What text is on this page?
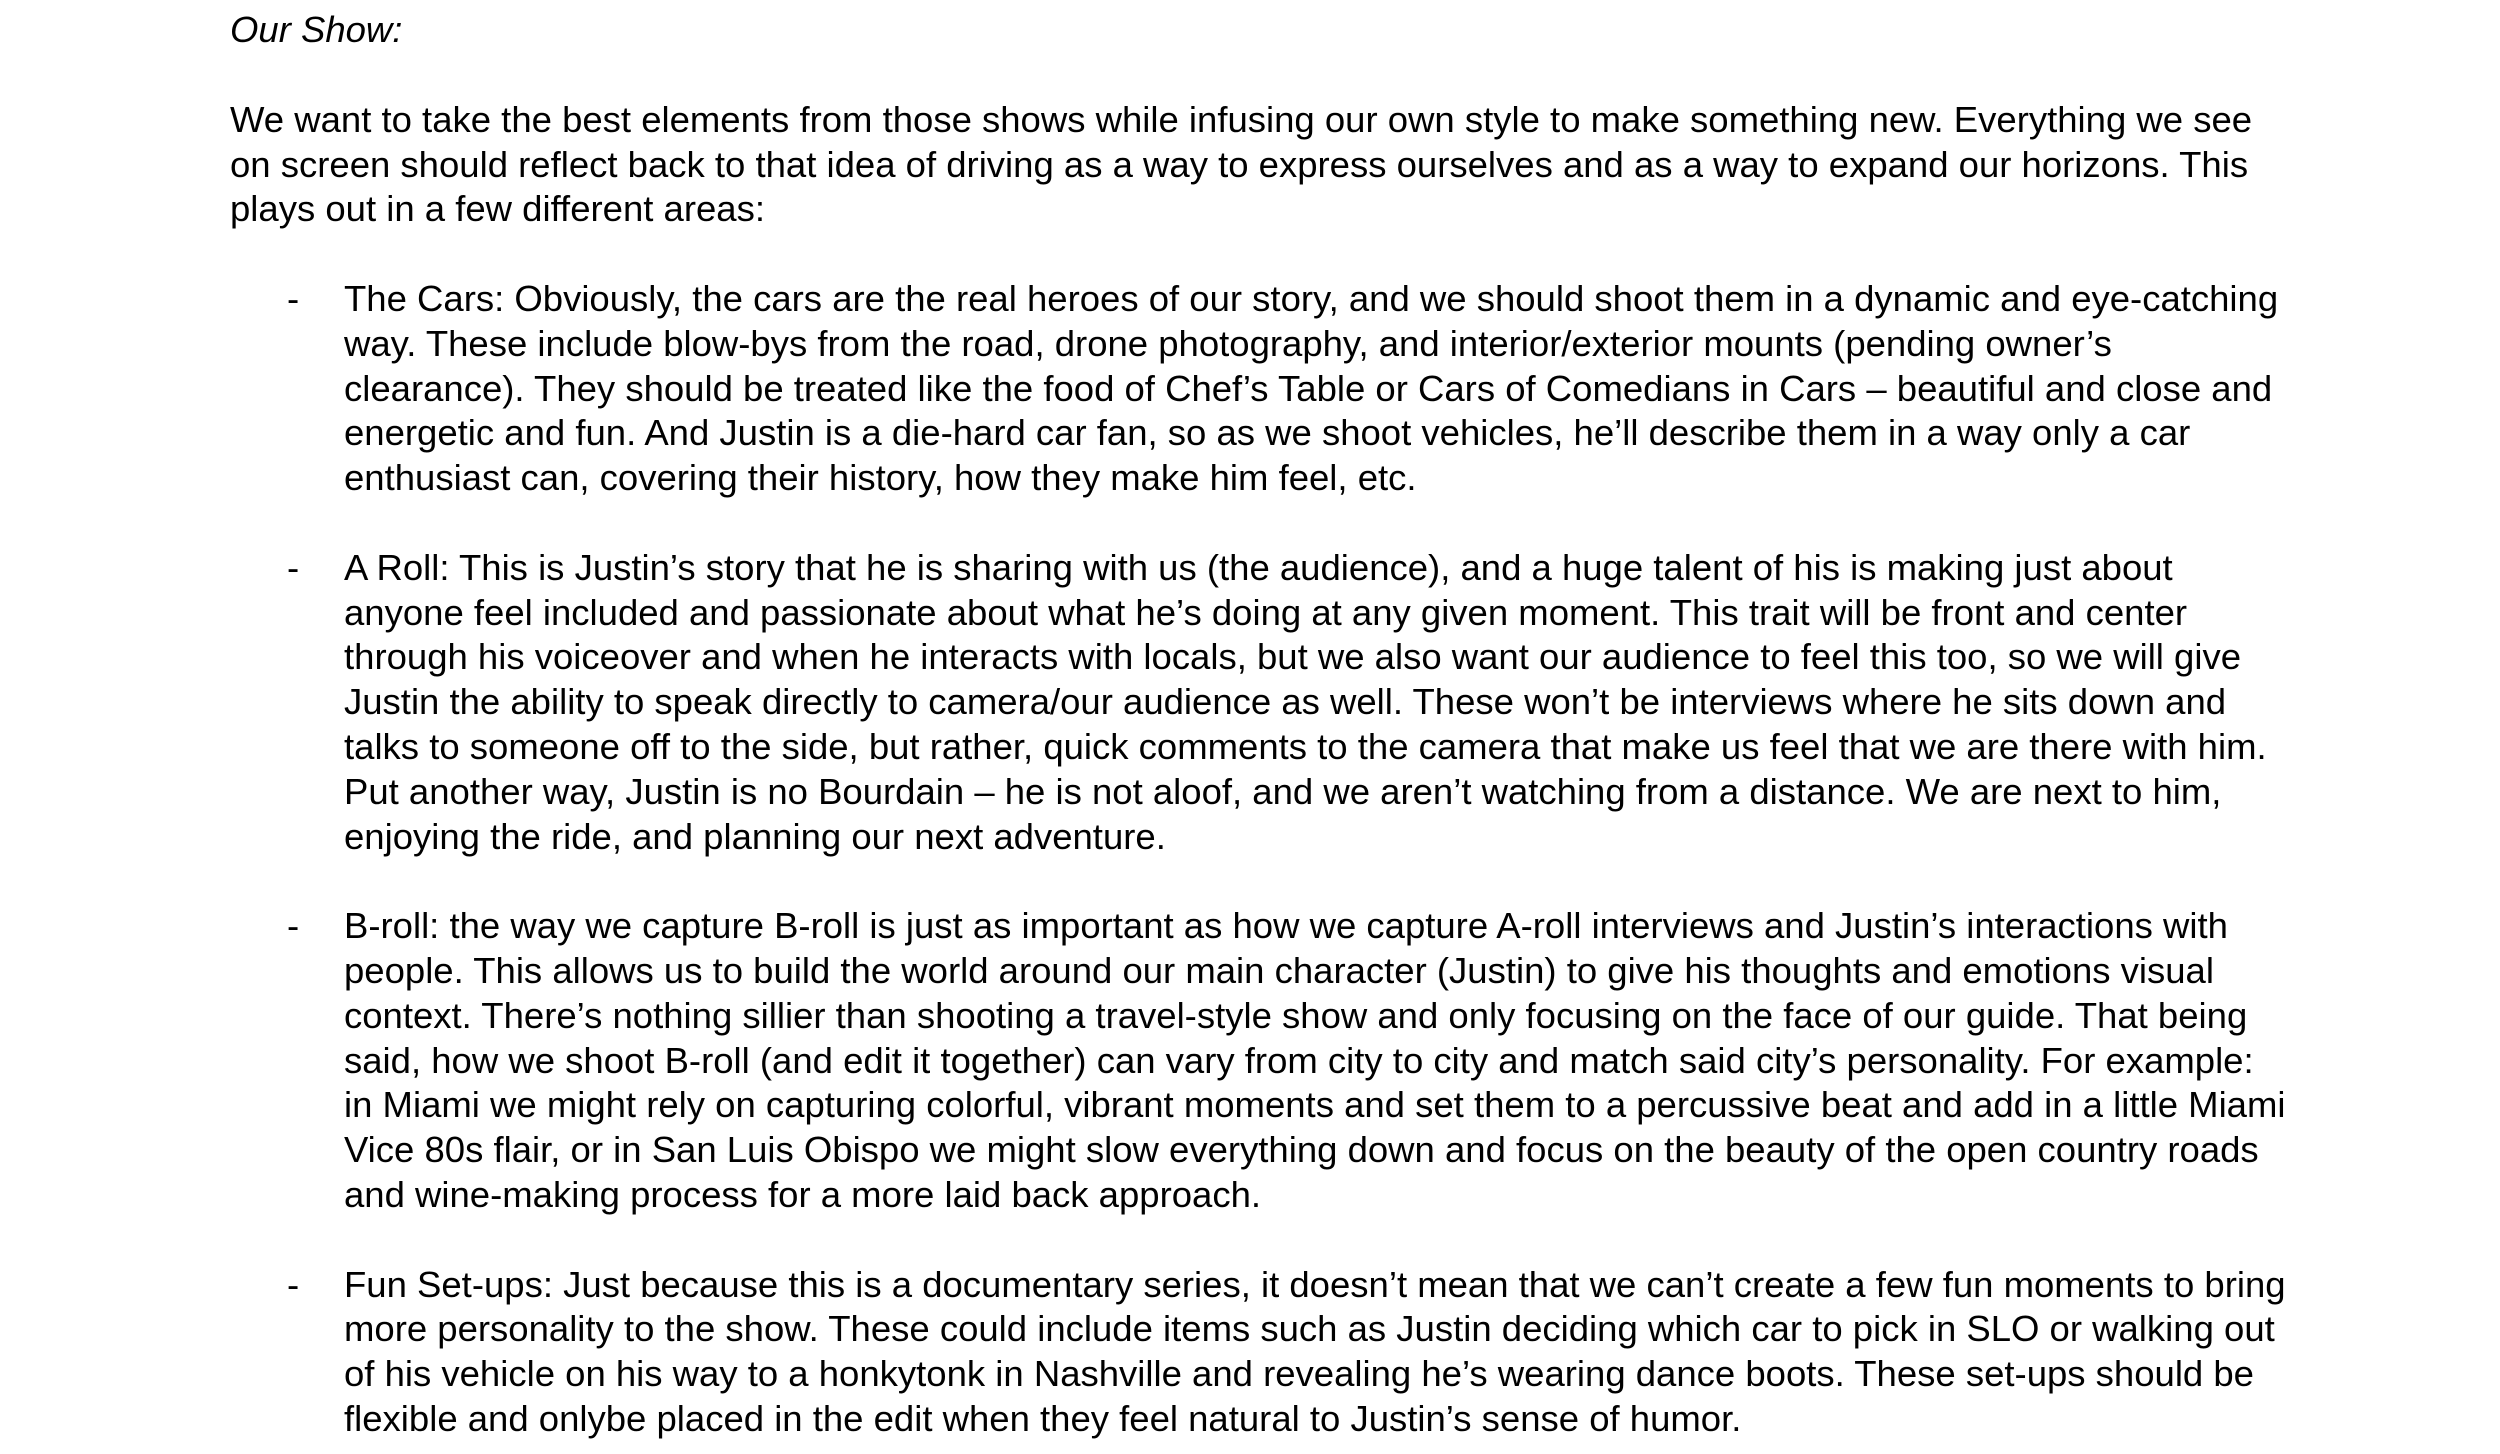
Our Show:

We want to take the best elements from those shows while infusing our own style to make something new. Everything we see on screen should reflect back to that idea of driving as a way to express ourselves and as a way to expand our horizons. This plays out in a few different areas:

- The Cars: Obviously, the cars are the real heroes of our story, and we should shoot them in a dynamic and eye-catching way. These include blow-bys from the road, drone photography, and interior/exterior mounts (pending owner’s clearance). They should be treated like the food of Chef’s Table or Cars of Comedians in Cars – beautiful and close and energetic and fun. And Justin is a die-hard car fan, so as we shoot vehicles, he’ll describe them in a way only a car enthusiast can, covering their history, how they make him feel, etc.

- A Roll: This is Justin’s story that he is sharing with us (the audience), and a huge talent of his is making just about anyone feel included and passionate about what he’s doing at any given moment. This trait will be front and center through his voiceover and when he interacts with locals, but we also want our audience to feel this too, so we will give Justin the ability to speak directly to camera/our audience as well. These won’t be interviews where he sits down and talks to someone off to the side, but rather, quick comments to the camera that make us feel that we are there with him. Put another way, Justin is no Bourdain – he is not aloof, and we aren’t watching from a distance. We are next to him, enjoying the ride, and planning our next adventure.

- B-roll: the way we capture B-roll is just as important as how we capture A-roll interviews and Justin’s interactions with people. This allows us to build the world around our main character (Justin) to give his thoughts and emotions visual context. There’s nothing sillier than shooting a travel-style show and only focusing on the face of our guide. That being said, how we shoot B-roll (and edit it together) can vary from city to city and match said city’s personality. For example: in Miami we might rely on capturing colorful, vibrant moments and set them to a percussive beat and add in a little Miami Vice 80s flair, or in San Luis Obispo we might slow everything down and focus on the beauty of the open country roads and wine-making process for a more laid back approach.

- Fun Set-ups: Just because this is a documentary series, it doesn’t mean that we can’t create a few fun moments to bring more personality to the show. These could include items such as Justin deciding which car to pick in SLO or walking out of his vehicle on his way to a honkytonk in Nashville and revealing he’s wearing dance boots. These set-ups should be flexible and onlybe placed in the edit when they feel natural to Justin’s sense of humor.
